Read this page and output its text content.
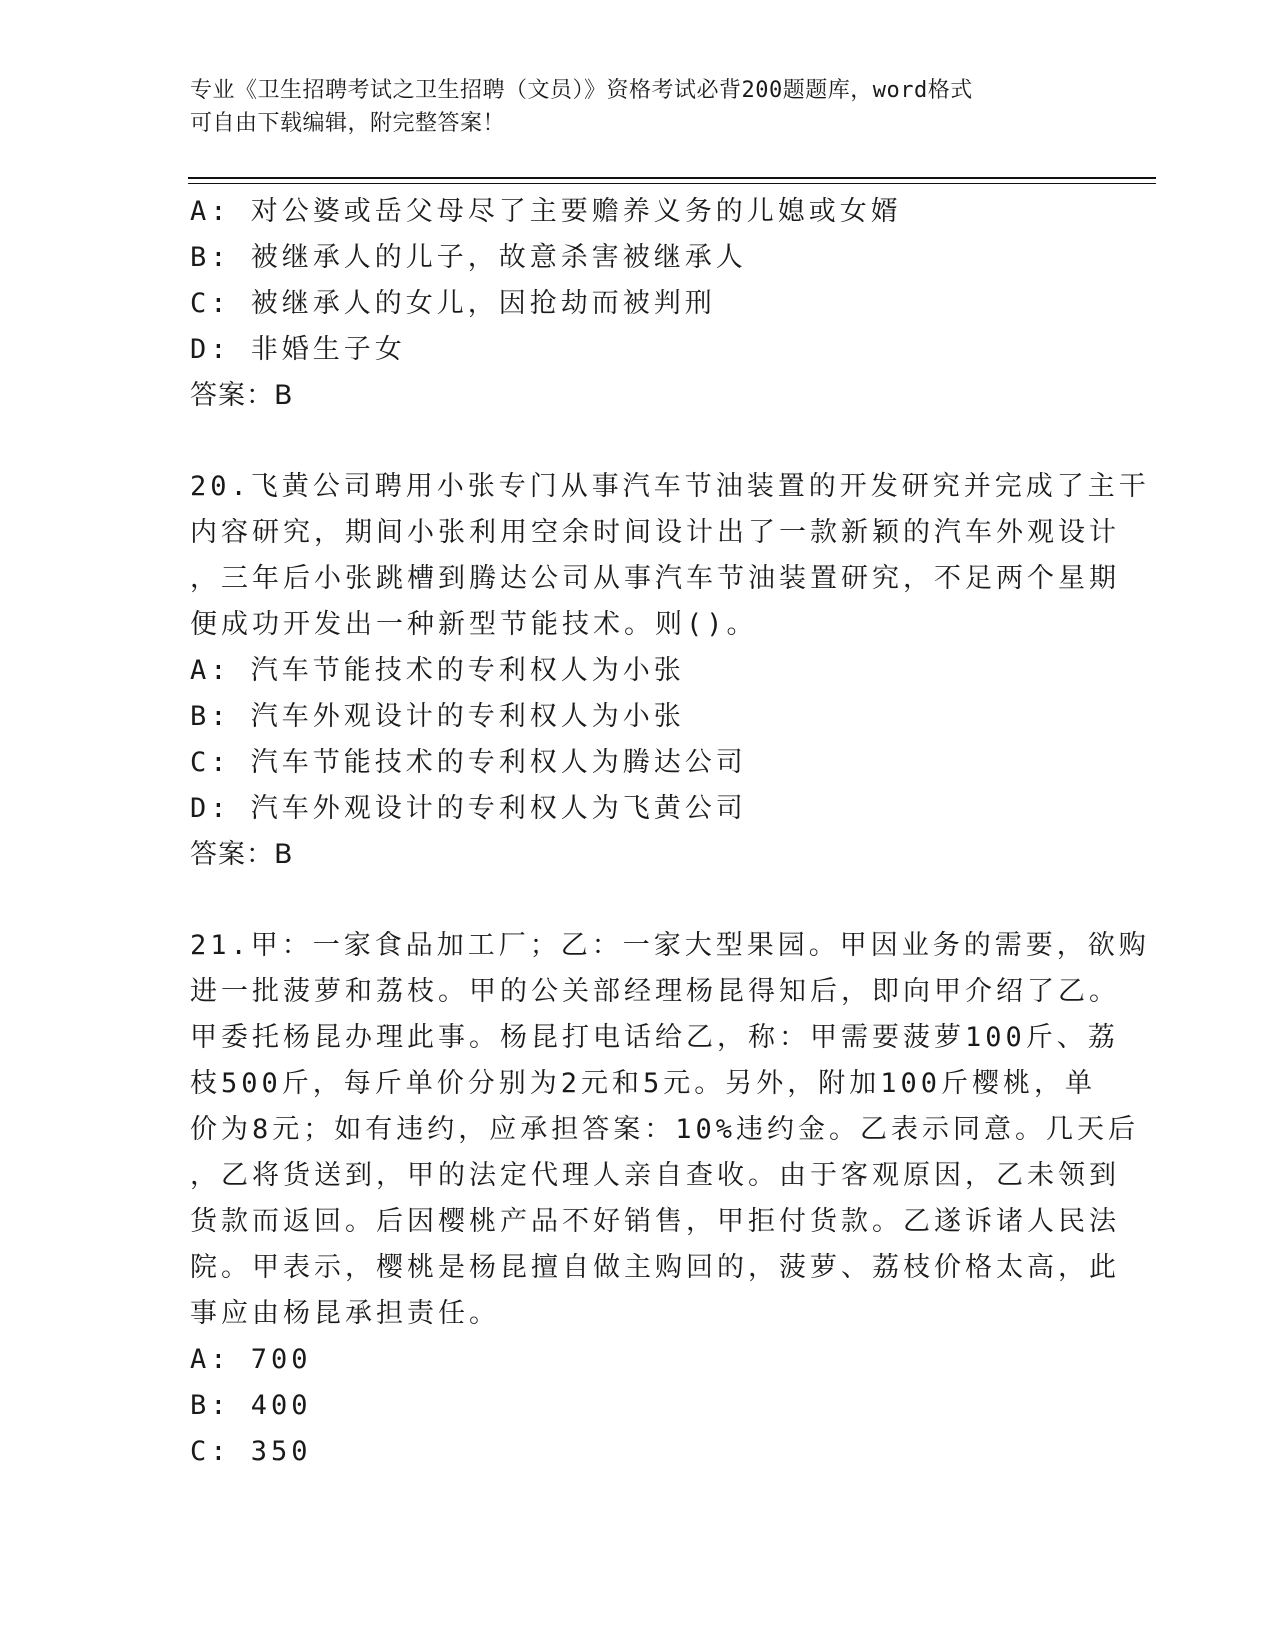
专业《卫生招聘考试之卫生招聘（文员）》资格考试必背200题题库，word格式
可自由下载编辑，附完整答案！
A: 对公婆或岳父母尽了主要赡养义务的儿媳或女婿
B: 被继承人的儿子，故意杀害被继承人
C: 被继承人的女儿，因抢劫而被判刑
D: 非婚生子女
答案：B
20.飞黄公司聘用小张专门从事汽车节油装置的开发研究并完成了主干
内容研究，期间小张利用空余时间设计出了一款新颖的汽车外观设计
，三年后小张跳槽到腾达公司从事汽车节油装置研究，不足两个星期
便成功开发出一种新型节能技术。则()。
A: 汽车节能技术的专利权人为小张
B: 汽车外观设计的专利权人为小张
C: 汽车节能技术的专利权人为腾达公司
D: 汽车外观设计的专利权人为飞黄公司
答案：B
21.甲：一家食品加工厂；乙：一家大型果园。甲因业务的需要，欲购
进一批菠萝和荔枝。甲的公关部经理杨昆得知后，即向甲介绍了乙。
甲委托杨昆办理此事。杨昆打电话给乙，称：甲需要菠萝100斤、荔
枝500斤，每斤单价分别为2元和5元。另外，附加100斤樱桃，单
价为8元；如有违约，应承担答案：10%违约金。乙表示同意。几天后
，乙将货送到，甲的法定代理人亲自查收。由于客观原因，乙未领到
货款而返回。后因樱桃产品不好销售，甲拒付货款。乙遂诉诸人民法
院。甲表示，樱桃是杨昆擅自做主购回的，菠萝、荔枝价格太高，此
事应由杨昆承担责任。
A: 700
B: 400
C: 350
